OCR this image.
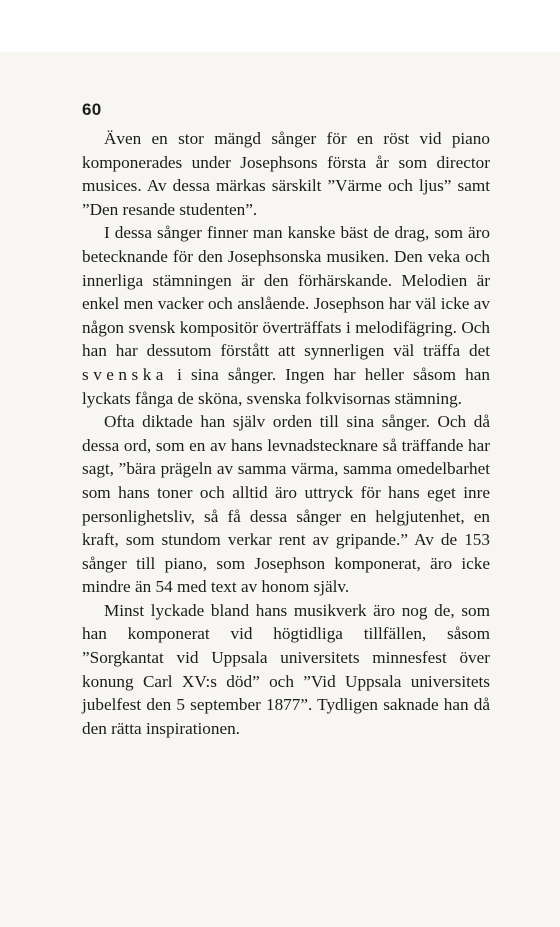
60

Även en stor mängd sånger för en röst vid piano komponerades under Josephsons första år som director musices. Av dessa märkas särskilt ”Värme och ljus” samt ”Den resande studenten”.

I dessa sånger finner man kanske bäst de drag, som äro betecknande för den Josephsonska musiken. Den veka och innerliga stämningen är den förhärskande. Melodien är enkel men vacker och anslående. Josephson har väl icke av någon svensk kompositör överträffats i melodifägring. Och han har dessutom förstått att synnerligen väl träffa det svenska i sina sånger. Ingen har heller såsom han lyckats fånga de sköna, svenska folkvisornas stämning.

Ofta diktade han själv orden till sina sånger. Och då dessa ord, som en av hans levnadstecknare så träffande har sagt, ”bära prägeln av samma värma, samma omedelbarhet som hans toner och alltid äro uttryck för hans eget inre personlighetsliv, så få dessa sånger en helgjutenhet, en kraft, som stundom verkar rent av gripande.” Av de 153 sånger till piano, som Josephson komponerat, äro icke mindre än 54 med text av honom själv.

Minst lyckade bland hans musikverk äro nog de, som han komponerat vid högtidliga tillfällen, såsom ”Sorgkantat vid Uppsala universitets minnesfest över konung Carl XV:s död” och ”Vid Uppsala universitets jubelfest den 5 september 1877”. Tydligen saknade han då den rätta inspirationen.
